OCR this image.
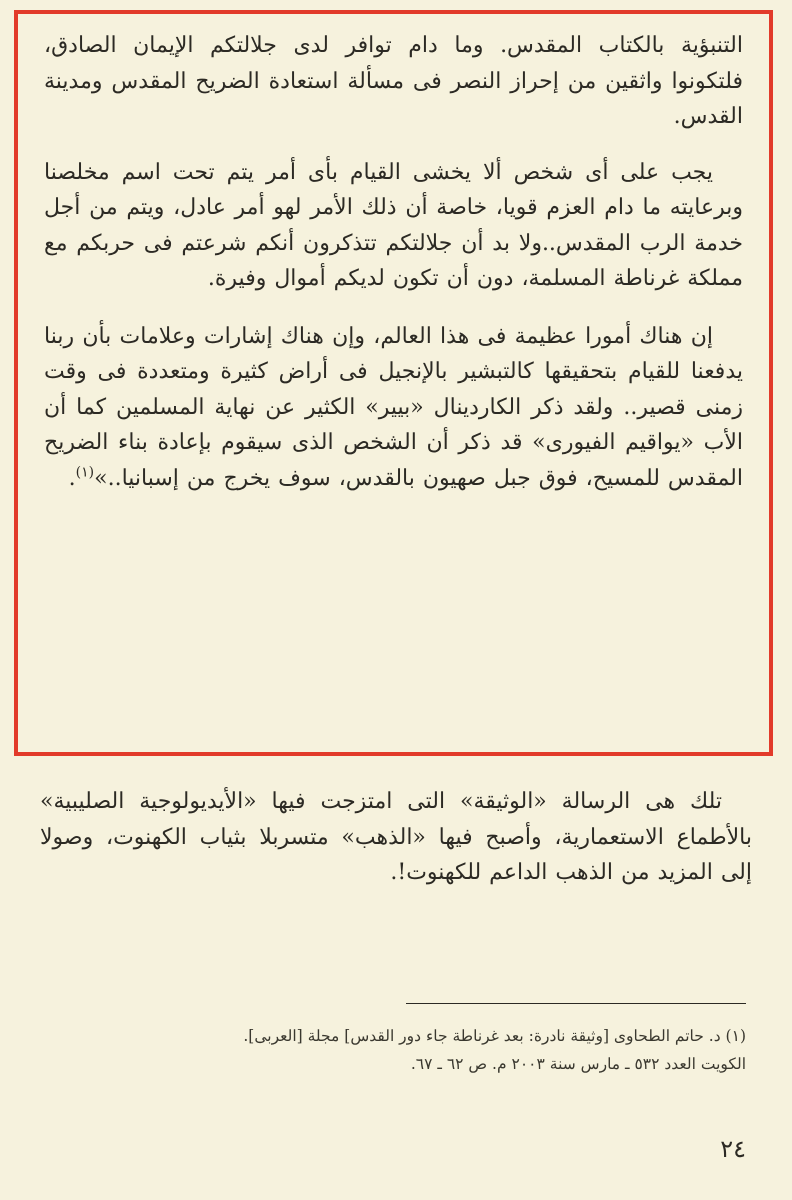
التنبؤية بالكتاب المقدس. وما دام توافر لدى جلالتكم الإيمان الصادق، فلتكونوا واثقين من إحراز النصر فى مسألة استعادة الضريح المقدس ومدينة القدس.

يجب على أى شخص ألا يخشى القيام بأى أمر يتم تحت اسم مخلصنا وبرعايته ما دام العزم قويا، خاصة أن ذلك الأمر لهو أمر عادل، ويتم من أجل خدمة الرب المقدس..ولا بد أن جلالتكم تتذكرون أنكم شرعتم فى حربكم مع مملكة غرناطة المسلمة، دون أن تكون لديكم أموال وفيرة.

إن هناك أمورا عظيمة فى هذا العالم، وإن هناك إشارات وعلامات بأن ربنا يدفعنا للقيام بتحقيقها كالتبشير بالإنجيل فى أراض كثيرة ومتعددة فى وقت زمنى قصير.. ولقد ذكر الكاردينال «بيير» الكثير عن نهاية المسلمين كما أن الأب «يواقيم الفيورى» قد ذكر أن الشخص الذى سيقوم بإعادة بناء الضريح المقدس للمسيح، فوق جبل صهيون بالقدس، سوف يخرج من إسبانيا..»$^{(١)}$.

تلك هى الرسالة «الوثيقة» التى امتزجت فيها «الأيديولوجية الصليبية» بالأطماع الاستعمارية، وأصبح فيها «الذهب» متسربلا بثياب الكهنوت، وصولا إلى المزيد من الذهب الداعم للكهنوت!.

(١) د. حاتم الطحاوى [وثيقة نادرة: بعد غرناطة جاء دور القدس] مجلة [العربى].

الكويت العدد ٥٣٢ ـ مارس سنة ٢٠٠٣ م. ص ٦٢ ـ ٦٧.

٢٤
